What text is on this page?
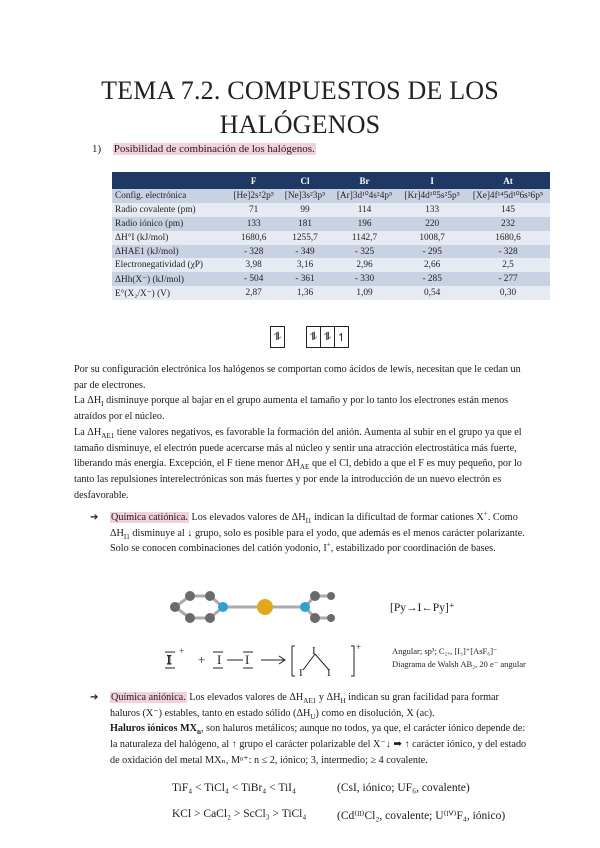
TEMA 7.2. COMPUESTOS DE LOS
HALÓGENOS
1) Posibilidad de combinación de los halógenos.
	F	Cl	Br	I	At
Config. electrónica	[He]2s²2p⁵	[Ne]3s²3p⁵	[Ar]3d¹⁰4s²4p⁵	[Kr]4d¹⁰5s²5p⁵	[Xe]4f¹⁴5d¹⁰6s²6p⁵
Radio covalente (pm)	71	99	114	133	145
Radio iónico (pm)	133	181	196	220	232
ΔH°I (kJ/mol)	1680,6	1255,7	1142,7	1008,7	1680,6
ΔHAE1 (kJ/mol)	- 328	- 349	- 325	- 295	- 328
Electronegatividad (χP)	3,98	3,16	2,96	2,66	2,5
ΔHh(X⁻) (kJ/mol)	- 504	- 361	- 330	- 285	- 277
E°(X₂/X⁻) (V)	2,87	1,36	1,09	0,54	0,30
⥮	⥮ ⥮ ↿
Por su configuración electrónica los halógenos se comportan como ácidos de lewis, necesitan que le cedan un par de electrones.
La $\Delta H_I$ disminuye porque al bajar en el grupo aumenta el tamaño y por lo tanto los electrones están menos atraídos por el núcleo.
La $\Delta H_{AE1}$ tiene valores negativos, es favorable la formación del anión. Aumenta al subir en el grupo ya que el tamaño disminuye, el electrón puede acercarse más al núcleo y sentir una atracción electrostática más fuerte, liberando más energía. Excepción, el F tiene menor $\Delta H_{AE}$ que el Cl, debido a que el F es muy pequeño, por lo tanto las repulsiones interelectrónicas son más fuertes y por ende la introducción de un nuevo electrón es desfavorable.
➔ Química catiónica. Los elevados valores de $\Delta H_{I1}$ indican la dificultad de formar cationes X+. Como $\Delta H_{I1}$ disminuye al ↓ grupo, solo es posible para el yodo, que además es el menos carácter polarizante. Solo se conocen combinaciones del catión yodonio, I+, estabilizado por coordinación de bases.
[Py→I←Py]⁺
I
+
+ I I
I
I
I
+	Angular; sp³; C₂ᵥ, [I₃]⁺[AsF₆]⁻
Diagrama de Walsh AB₂, 20 e⁻ angular
➔ Química aniónica. Los elevados valores de $\Delta H_{AE1}$ y $\Delta H_H$ indican su gran facilidad para formar haluros (X⁻) estables, tanto en estado sólido $(\Delta H_U)$ como en disolución, X (ac).
Haluros iónicos $MX_n$, son haluros metálicos; aunque no todos, ya que, el carácter iónico depende de: la naturaleza del halógeno, al ↑ grupo el carácter polarizable del X⁻↓ ➡ ↑ carácter iónico, y del estado de oxidación del metal MXₙ, Mⁿ⁺: n ≤ 2, iónico; 3, intermedio; ≥ 4 covalente.
TiF₄ < TiCl₄ < TiBr₄ < TiI₄	(CsI, iónico; UF₆, covalente)
KCl > CaCl₂ > ScCl₃ > TiCl₄	(Cd⁽ᴵᴵ⁾Cl₂, covalente; U⁽ᴵⱽ⁾F₄, iónico)
